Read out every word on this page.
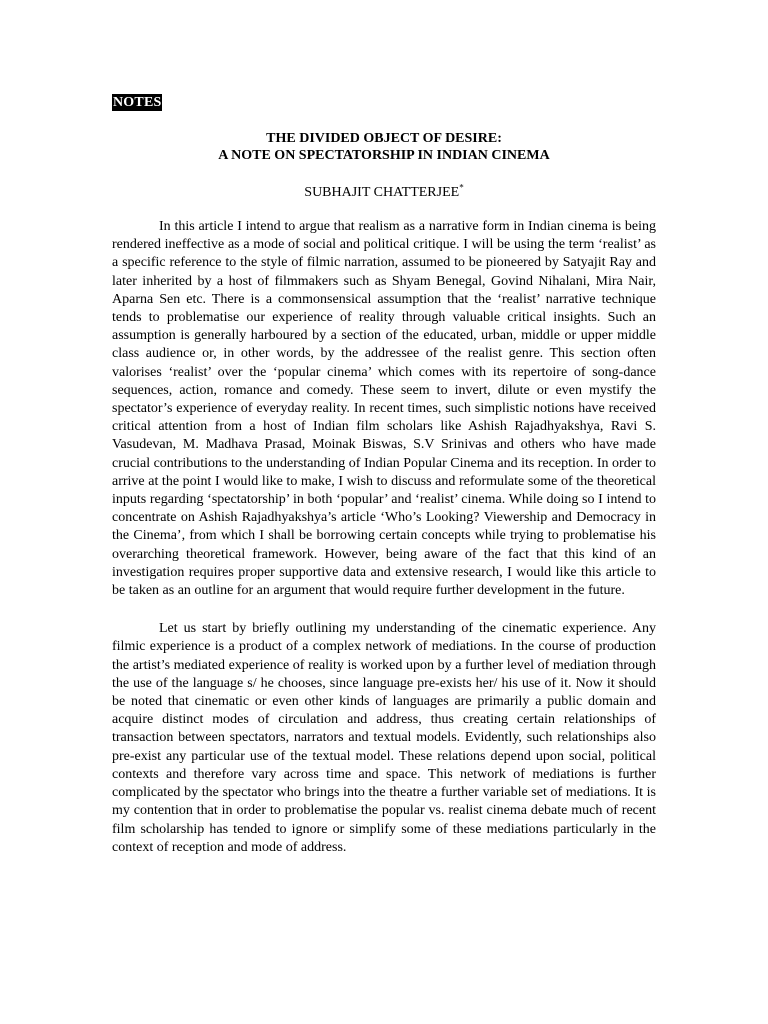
NOTES
THE DIVIDED OBJECT OF DESIRE:
A NOTE ON SPECTATORSHIP IN INDIAN CINEMA
SUBHAJIT CHATTERJEE*

In this article I intend to argue that realism as a narrative form in Indian cinema is being rendered ineffective as a mode of social and political critique. I will be using the term ‘realist’ as a specific reference to the style of filmic narration, assumed to be pioneered by Satyajit Ray and later inherited by a host of filmmakers such as Shyam Benegal, Govind Nihalani, Mira Nair, Aparna Sen etc. There is a commonsensical assumption that the ‘realist’ narrative technique tends to problematise our experience of reality through valuable critical insights. Such an assumption is generally harboured by a section of the educated, urban, middle or upper middle class audience or, in other words, by the addressee of the realist genre. This section often valorises ‘realist’ over the ‘popular cinema’ which comes with its repertoire of song-dance sequences, action, romance and comedy. These seem to invert, dilute or even mystify the spectator’s experience of everyday reality. In recent times, such simplistic notions have received critical attention from a host of Indian film scholars like Ashish Rajadhyakshya, Ravi S. Vasudevan, M. Madhava Prasad, Moinak Biswas, S.V Srinivas and others who have made crucial contributions to the understanding of Indian Popular Cinema and its reception. In order to arrive at the point I would like to make, I wish to discuss and reformulate some of the theoretical inputs regarding ‘spectatorship’ in both ‘popular’ and ‘realist’ cinema. While doing so I intend to concentrate on Ashish Rajadhyakshya’s article ‘Who’s Looking? Viewership and Democracy in the Cinema’, from which I shall be borrowing certain concepts while trying to problematise his overarching theoretical framework. However, being aware of the fact that this kind of an investigation requires proper supportive data and extensive research, I would like this article to be taken as an outline for an argument that would require further development in the future.

Let us start by briefly outlining my understanding of the cinematic experience. Any filmic experience is a product of a complex network of mediations. In the course of production the artist’s mediated experience of reality is worked upon by a further level of mediation through the use of the language s/ he chooses, since language pre-exists her/ his use of it. Now it should be noted that cinematic or even other kinds of languages are primarily a public domain and acquire distinct modes of circulation and address, thus creating certain relationships of transaction between spectators, narrators and textual models. Evidently, such relationships also pre-exist any particular use of the textual model. These relations depend upon social, political contexts and therefore vary across time and space. This network of mediations is further complicated by the spectator who brings into the theatre a further variable set of mediations. It is my contention that in order to problematise the popular vs. realist cinema debate much of recent film scholarship has tended to ignore or simplify some of these mediations particularly in the context of reception and mode of address.
